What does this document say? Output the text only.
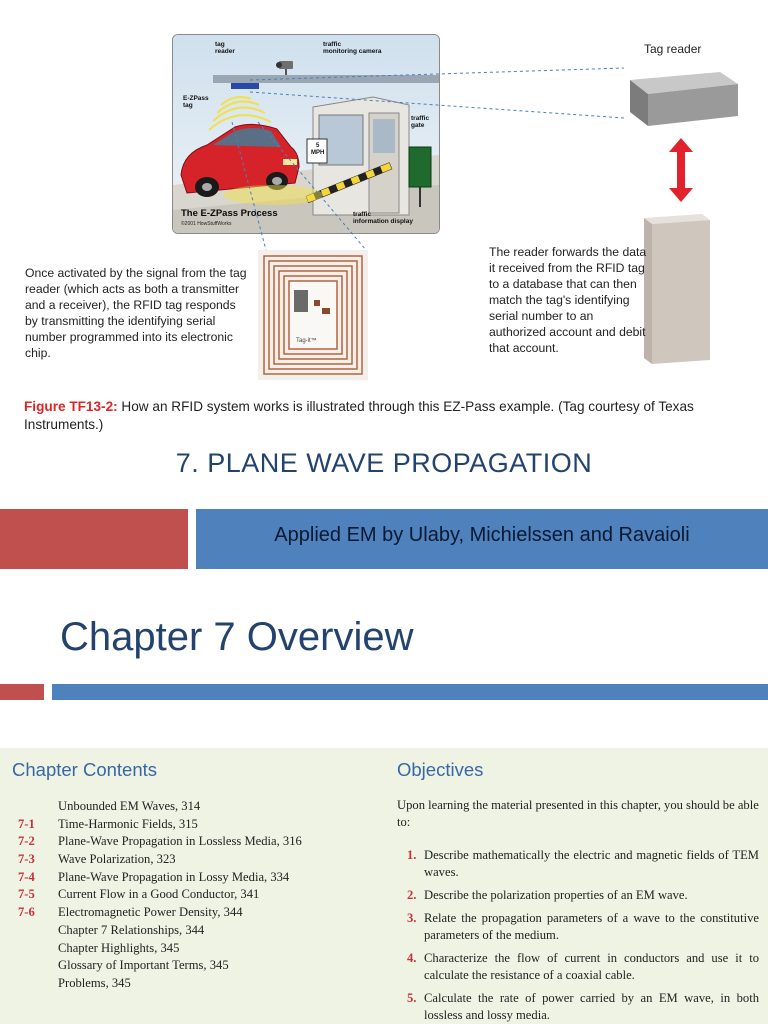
tag
reader
traffic
monitoring camera
E-ZPass
tag
traffic
gate
traffic
information display
5
MPH
The E-ZPass Process
©2001 HowStuffWorks
Tag reader
Tag-it™
Once activated by the signal from the tag reader (which acts as both a transmitter and a receiver), the RFID tag responds by transmitting the identifying serial number programmed into its electronic chip.
The reader forwards the data it received from the RFID tag to a database that can then match the tag's identifying serial number to an authorized account and debit that account.
Figure TF13-2: How an RFID system works is illustrated through this EZ-Pass example. (Tag courtesy of Texas Instruments.)
7. PLANE WAVE PROPAGATION
Applied EM by Ulaby, Michielssen and Ravaioli
Chapter 7 Overview
Chapter Contents	Objectives
Unbounded EM Waves, 314
7-1	Time-Harmonic Fields, 315
7-2	Plane-Wave Propagation in Lossless Media, 316
7-3	Wave Polarization, 323
7-4	Plane-Wave Propagation in Lossy Media, 334
7-5	Current Flow in a Good Conductor, 341
7-6	Electromagnetic Power Density, 344
Chapter 7 Relationships, 344
Chapter Highlights, 345
Glossary of Important Terms, 345
Problems, 345
Upon learning the material presented in this chapter, you should be able to:
1. Describe mathematically the electric and magnetic fields of TEM waves.
2. Describe the polarization properties of an EM wave.
3. Relate the propagation parameters of a wave to the constitutive parameters of the medium.
4. Characterize the flow of current in conductors and use it to calculate the resistance of a coaxial cable.
5. Calculate the rate of power carried by an EM wave, in both lossless and lossy media.
